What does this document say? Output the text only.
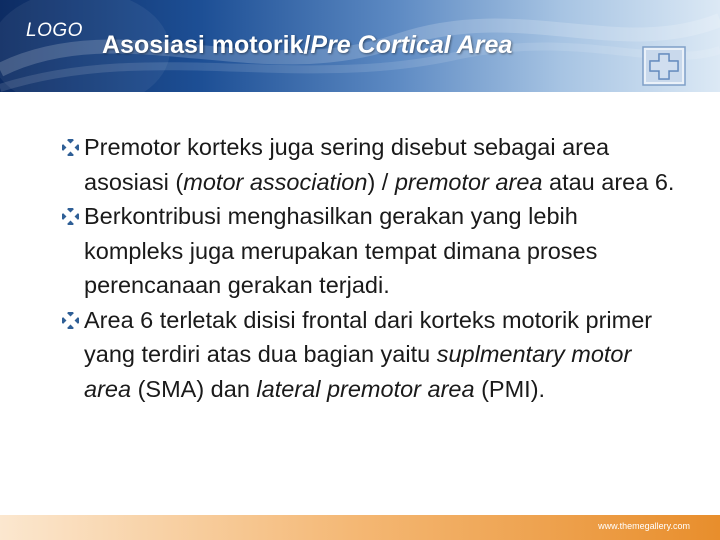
LOGO
Asosiasi motorik/Pre Cortical Area
Premotor korteks juga sering disebut sebagai area asosiasi (motor association) / premotor area atau area 6.
Berkontribusi menghasilkan gerakan yang lebih kompleks juga merupakan tempat dimana proses perencanaan gerakan terjadi.
Area 6 terletak disisi frontal dari korteks motorik primer yang terdiri atas dua bagian yaitu suplmentary motor area (SMA) dan lateral premotor area (PMI).
www.themegallery.com
